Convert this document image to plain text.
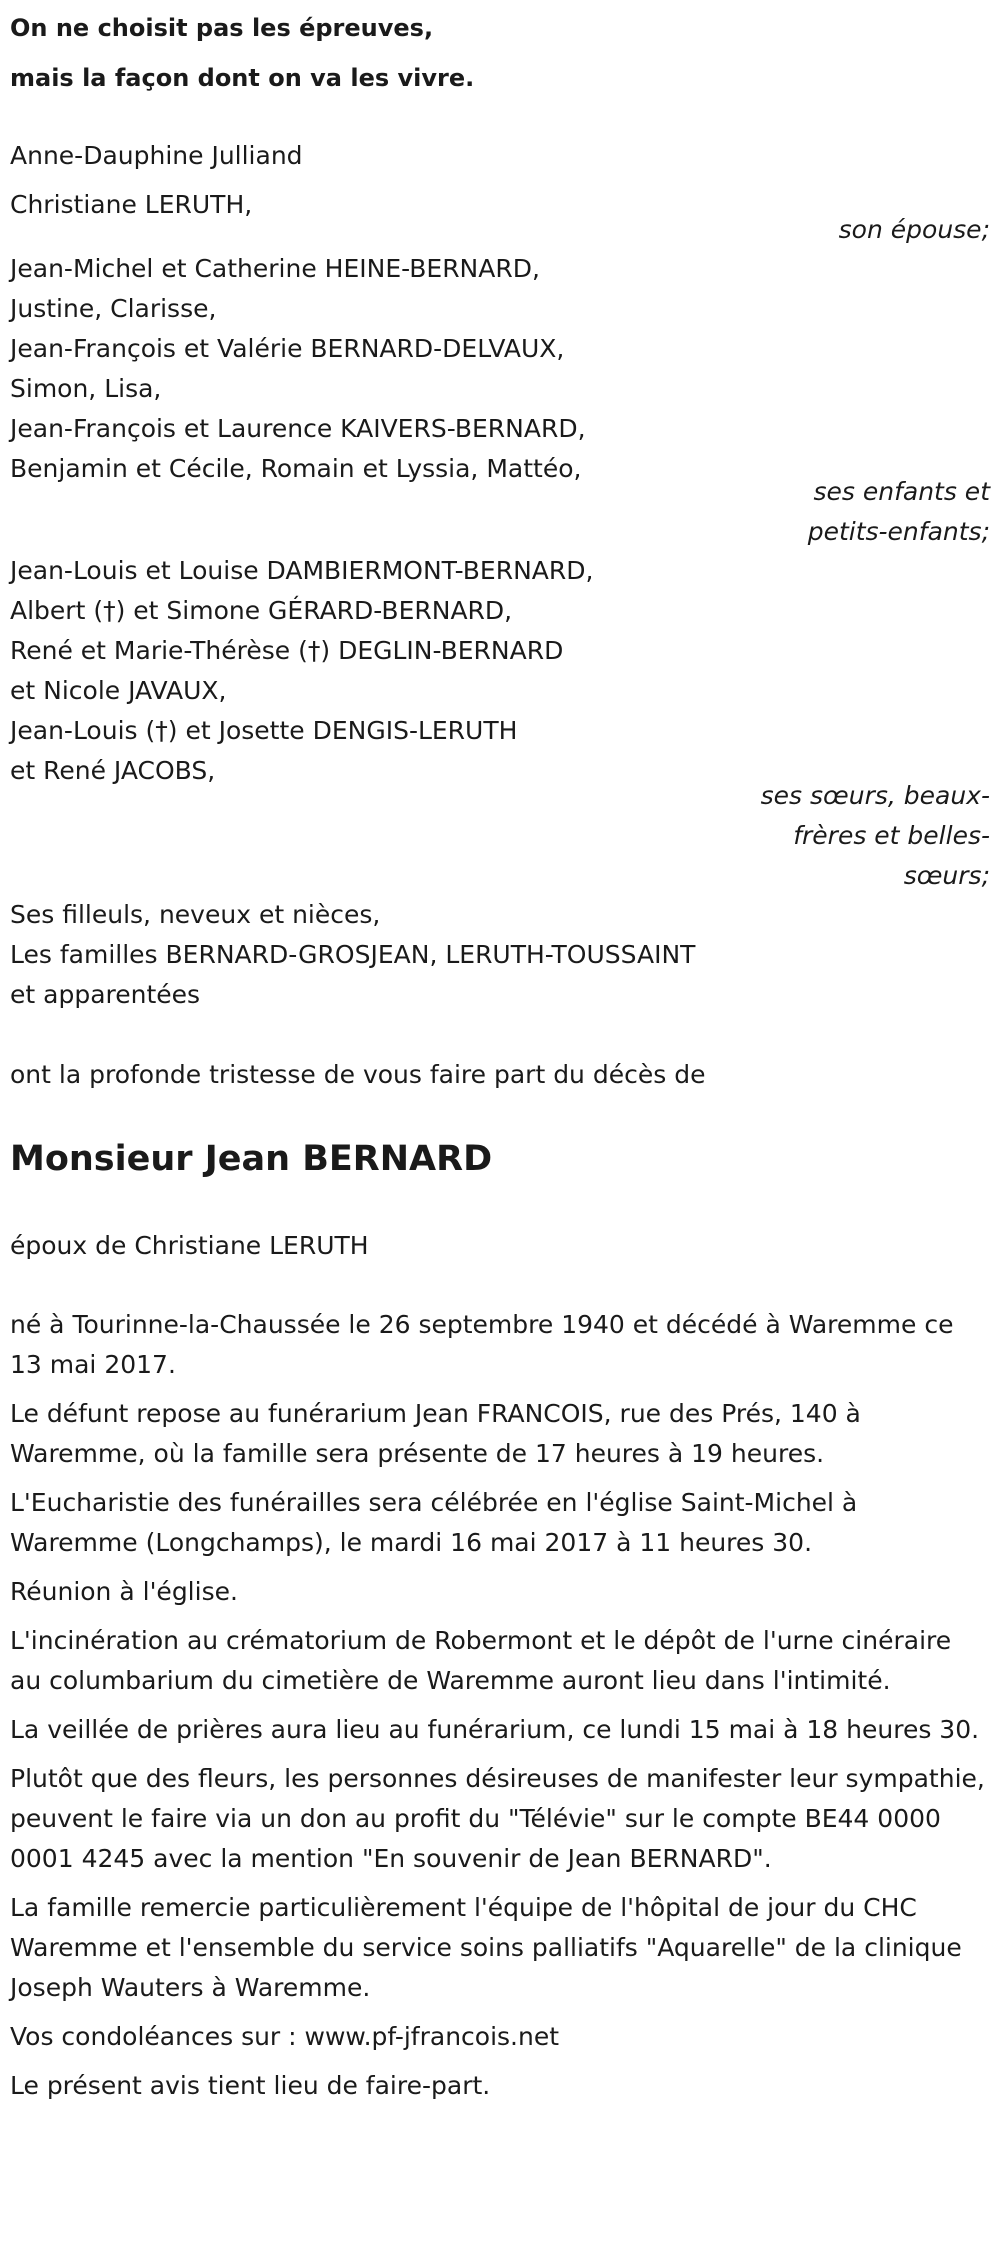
On ne choisit pas les épreuves,

mais la façon dont on va les vivre.

Anne-Dauphine Julliand
Christiane LERUTH,
son épouse;
Jean-Michel et Catherine HEINE-BERNARD,
Justine, Clarisse,
Jean-François et Valérie BERNARD-DELVAUX,
Simon, Lisa,
Jean-François et Laurence KAIVERS-BERNARD,
Benjamin et Cécile, Romain et Lyssia, Mattéo,
ses enfants et
petits-enfants;
Jean-Louis et Louise DAMBIERMONT-BERNARD,
Albert (†) et Simone GÉRARD-BERNARD,
René et Marie-Thérèse (†) DEGLIN-BERNARD
et Nicole JAVAUX,
Jean-Louis (†) et Josette DENGIS-LERUTH
et René JACOBS,
ses sœurs, beaux-
frères et belles-
sœurs;
Ses filleuls, neveux et nièces,
Les familles BERNARD-GROSJEAN, LERUTH-TOUSSAINT
et apparentées
ont la profonde tristesse de vous faire part du décès de
Monsieur Jean BERNARD
époux de Christiane LERUTH

né à Tourinne-la-Chaussée le 26 septembre 1940 et décédé à Waremme ce 13 mai 2017.

Le défunt repose au funérarium Jean FRANCOIS, rue des Prés, 140 à Waremme, où la famille sera présente de 17 heures à 19 heures.

L'Eucharistie des funérailles sera célébrée en l'église Saint-Michel à Waremme (Longchamps), le mardi 16 mai 2017 à 11 heures 30.

Réunion à l'église.

L'incinération au crématorium de Robermont et le dépôt de l'urne cinéraire au columbarium du cimetière de Waremme auront lieu dans l'intimité.

La veillée de prières aura lieu au funérarium, ce lundi 15 mai à 18 heures 30.

Plutôt que des fleurs, les personnes désireuses de manifester leur sympathie, peuvent le faire via un don au profit du "Télévie" sur le compte BE44 0000 0001 4245 avec la mention "En souvenir de Jean BERNARD".

La famille remercie particulièrement l'équipe de l'hôpital de jour du CHC Waremme et l'ensemble du service soins palliatifs "Aquarelle" de la clinique Joseph Wauters à Waremme.

Vos condoléances sur : www.pf-jfrancois.net

Le présent avis tient lieu de faire-part.
